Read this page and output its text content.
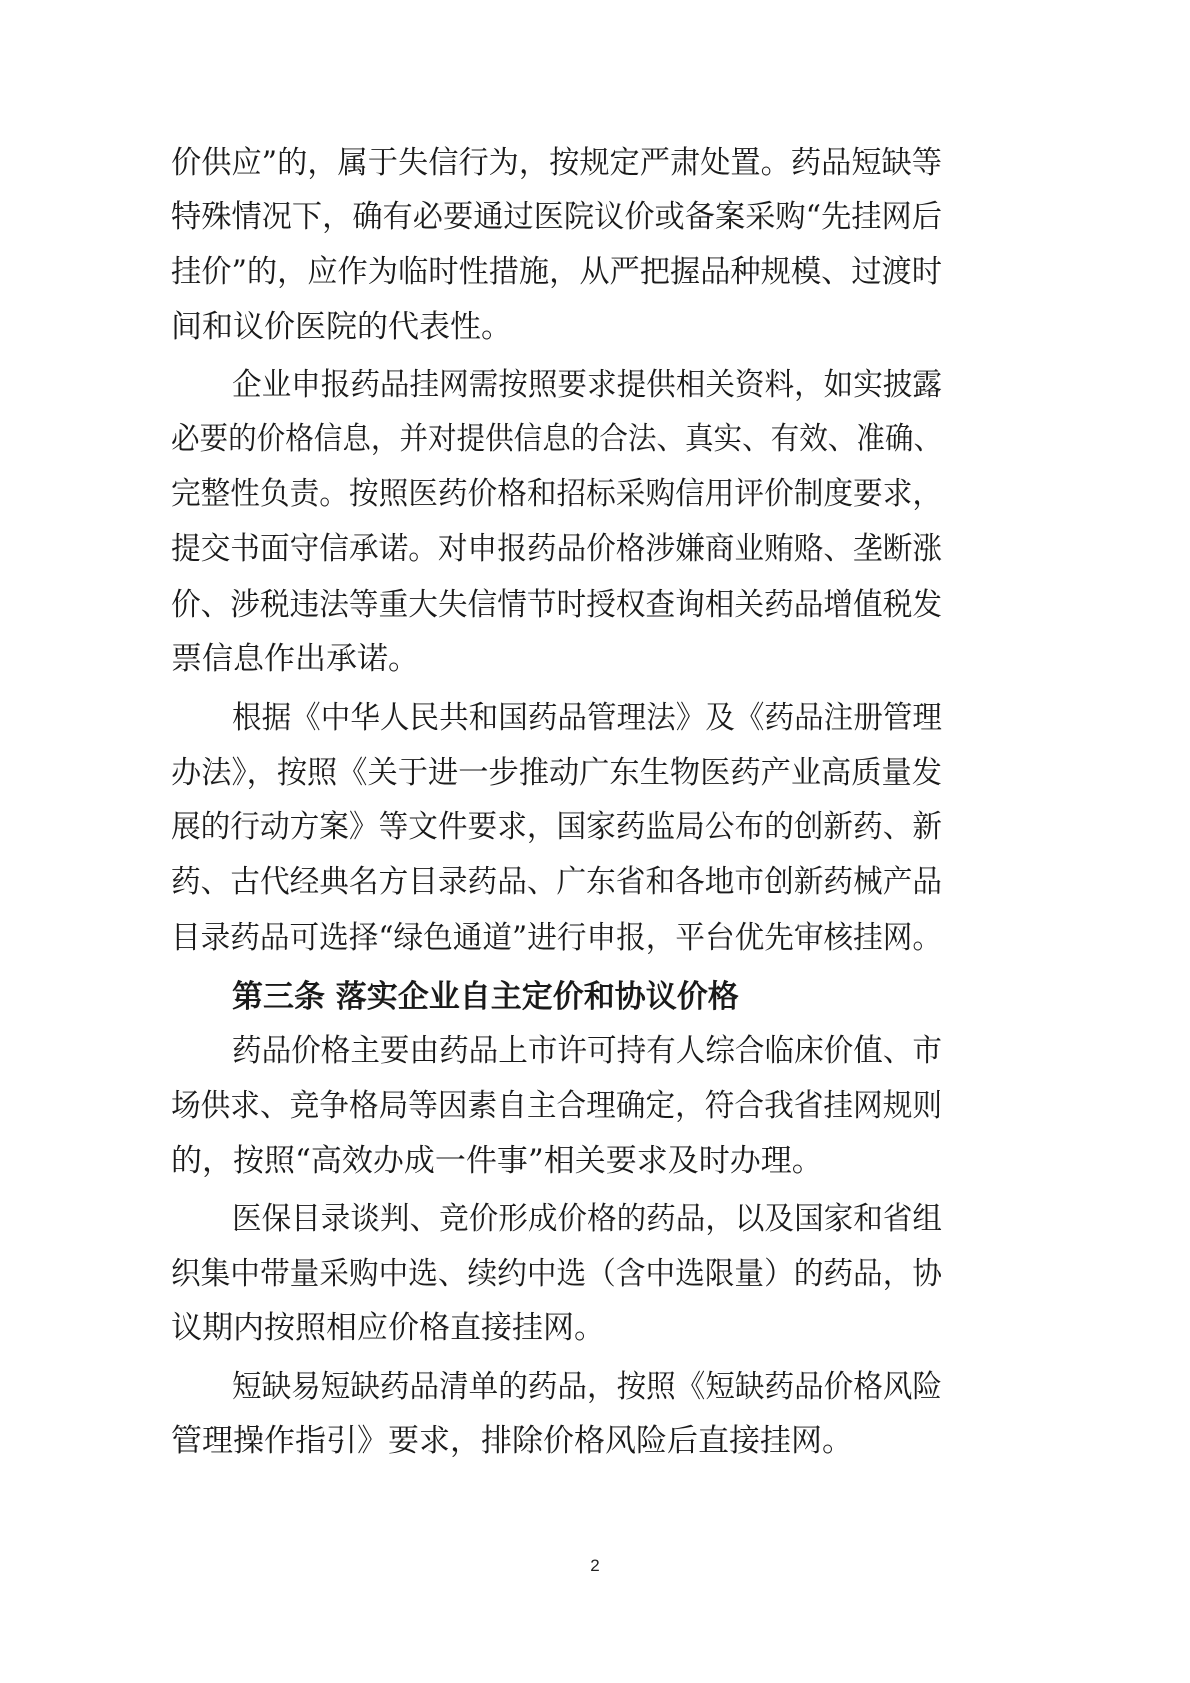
价供应”的，属于失信行为，按规定严肃处置。药品短缺等
特殊情况下，确有必要通过医院议价或备案采购“先挂网后
挂价”的，应作为临时性措施，从严把握品种规模、过渡时
间和议价医院的代表性。
企业申报药品挂网需按照要求提供相关资料，如实披露
必要的价格信息，并对提供信息的合法、真实、有效、准确、
完整性负责。按照医药价格和招标采购信用评价制度要求，
提交书面守信承诺。对申报药品价格涉嫌商业贿赂、垄断涨
价、涉税违法等重大失信情节时授权查询相关药品增值税发
票信息作出承诺。
根据《中华人民共和国药品管理法》及《药品注册管理
办法》，按照《关于进一步推动广东生物医药产业高质量发
展的行动方案》等文件要求，国家药监局公布的创新药、新
药、古代经典名方目录药品、广东省和各地市创新药械产品
目录药品可选择“绿色通道”进行申报，平台优先审核挂网。
第三条 落实企业自主定价和协议价格
药品价格主要由药品上市许可持有人综合临床价值、市
场供求、竞争格局等因素自主合理确定，符合我省挂网规则
的，按照“高效办成一件事”相关要求及时办理。
医保目录谈判、竞价形成价格的药品，以及国家和省组
织集中带量采购中选、续约中选（含中选限量）的药品，协
议期内按照相应价格直接挂网。
短缺易短缺药品清单的药品，按照《短缺药品价格风险
管理操作指引》要求，排除价格风险后直接挂网。
2
